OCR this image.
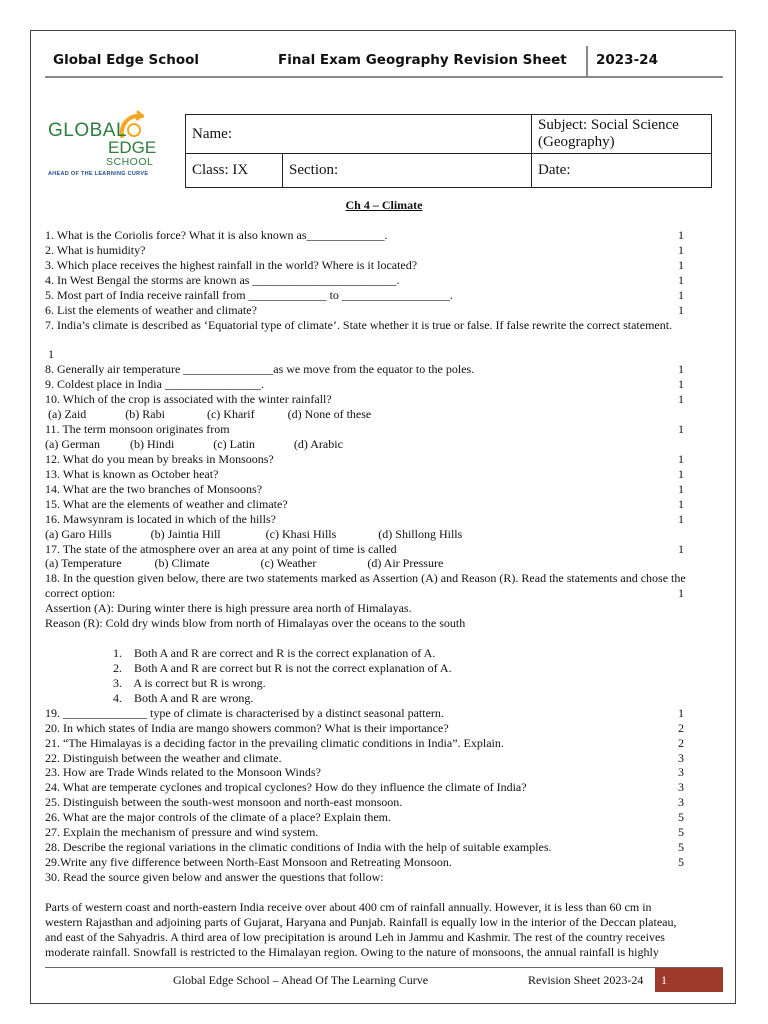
Global Edge School	Final Exam Geography Revision Sheet 2023-24
GLOBAL
EDGE
SCHOOL
AHEAD OF THE LEARNING CURVE
Name:		Subject: Social Science
(Geography)

Class: IX	Section:	Date:
Ch 4 – Climate
1. What is the Coriolis force? What it is also known as_____________.	1
2. What is humidity?	1
3. Which place receives the highest rainfall in the world? Where is it located?	1
4. In West Bengal the storms are known as ________________________.	1
5. Most part of India receive rainfall from _____________ to __________________.	1
6. List the elements of weather and climate?	1
7. India’s climate is described as ‘Equatorial type of climate’. State whether it is true or false. If false rewrite the correct statement.
1
8. Generally air temperature _______________as we move from the equator to the poles.	1
9. Coldest place in India ________________.	1
10. Which of the crop is associated with the winter rainfall?	1
(a) Zaid             (b) Rabi              (c) Kharif           (d) None of these
11. The term monsoon originates from	1
(a) German          (b) Hindi             (c) Latin             (d) Arabic
12. What do you mean by breaks in Monsoons?	1
13. What is known as October heat?	1
14. What are the two branches of Monsoons?	1
15. What are the elements of weather and climate?	1
16. Mawsynram is located in which of the hills?	1
(a) Garo Hills             (b) Jaintia Hill               (c) Khasi Hills              (d) Shillong Hills
17. The state of the atmosphere over an area at any point of time is called	1
(a) Temperature           (b) Climate                 (c) Weather                 (d) Air Pressure
18. In the question given below, there are two statements marked as Assertion (A) and Reason (R). Read the statements and chose the
correct option:	1
Assertion (A): During winter there is high pressure area north of Himalayas.
Reason (R): Cold dry winds blow from north of Himalayas over the oceans to the south
1.    Both A and R are correct and R is the correct explanation of A.
2.    Both A and R are correct but R is not the correct explanation of A.
3.    A is correct but R is wrong.
4.    Both A and R are wrong.
19. ______________ type of climate is characterised by a distinct seasonal pattern.	1
20. In which states of India are mango showers common? What is their importance?	2
21. “The Himalayas is a deciding factor in the prevailing climatic conditions in India”. Explain.	2
22. Distinguish between the weather and climate.	3
23. How are Trade Winds related to the Monsoon Winds?	3
24. What are temperate cyclones and tropical cyclones? How do they influence the climate of India?	3
25. Distinguish between the south-west monsoon and north-east monsoon.	3
26. What are the major controls of the climate of a place? Explain them.	5
27. Explain the mechanism of pressure and wind system.	5
28. Describe the regional variations in the climatic conditions of India with the help of suitable examples.	5
29.Write any five difference between North-East Monsoon and Retreating Monsoon.	5
30. Read the source given below and answer the questions that follow:
Parts of western coast and north-eastern India receive over about 400 cm of rainfall annually. However, it is less than 60 cm in
western Rajasthan and adjoining parts of Gujarat, Haryana and Punjab. Rainfall is equally low in the interior of the Deccan plateau,
and east of the Sahyadris. A third area of low precipitation is around Leh in Jammu and Kashmir. The rest of the country receives
moderate rainfall. Snowfall is restricted to the Himalayan region. Owing to the nature of monsoons, the annual rainfall is highly
Global Edge School – Ahead Of The Learning Curve	Revision Sheet 2023-24 1
